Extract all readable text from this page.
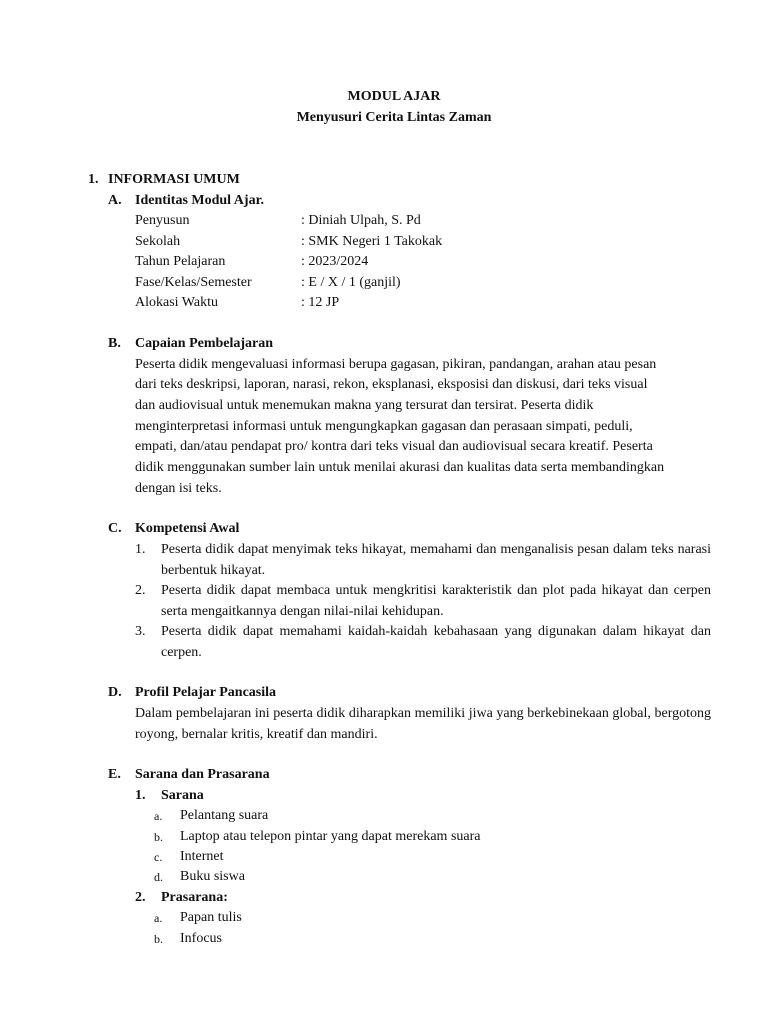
MODUL AJAR
Menyusuri Cerita Lintas Zaman
1. INFORMASI UMUM
A. Identitas Modul Ajar.
Penyusun	: Diniah Ulpah, S. Pd
Sekolah	: SMK Negeri 1 Takokak
Tahun Pelajaran	: 2023/2024
Fase/Kelas/Semester	: E / X / 1 (ganjil)
Alokasi Waktu	: 12 JP
B. Capaian Pembelajaran
Peserta didik mengevaluasi informasi berupa gagasan, pikiran, pandangan, arahan atau pesan
dari teks deskripsi, laporan, narasi, rekon, eksplanasi, eksposisi dan diskusi, dari teks visual
dan audiovisual untuk menemukan makna yang tersurat dan tersirat. Peserta didik
menginterpretasi informasi untuk mengungkapkan gagasan dan perasaan simpati, peduli,
empati, dan/atau pendapat pro/ kontra dari teks visual dan audiovisual secara kreatif. Peserta
didik menggunakan sumber lain untuk menilai akurasi dan kualitas data serta membandingkan
dengan isi teks.
C. Kompetensi Awal
1. Peserta didik dapat menyimak teks hikayat, memahami dan menganalisis pesan dalam teks narasi berbentuk hikayat.
2. Peserta didik dapat membaca untuk mengkritisi karakteristik dan plot pada hikayat dan cerpen serta mengaitkannya dengan nilai-nilai kehidupan.
3. Peserta didik dapat memahami kaidah-kaidah kebahasaan yang digunakan dalam hikayat dan cerpen.
D. Profil Pelajar Pancasila
Dalam pembelajaran ini peserta didik diharapkan memiliki jiwa yang berkebinekaan global, bergotong royong, bernalar kritis, kreatif dan mandiri.
E. Sarana dan Prasarana
1. Sarana
a. Pelantang suara
b. Laptop atau telepon pintar yang dapat merekam suara
c. Internet
d. Buku siswa
2. Prasarana:
a. Papan tulis
b. Infocus
